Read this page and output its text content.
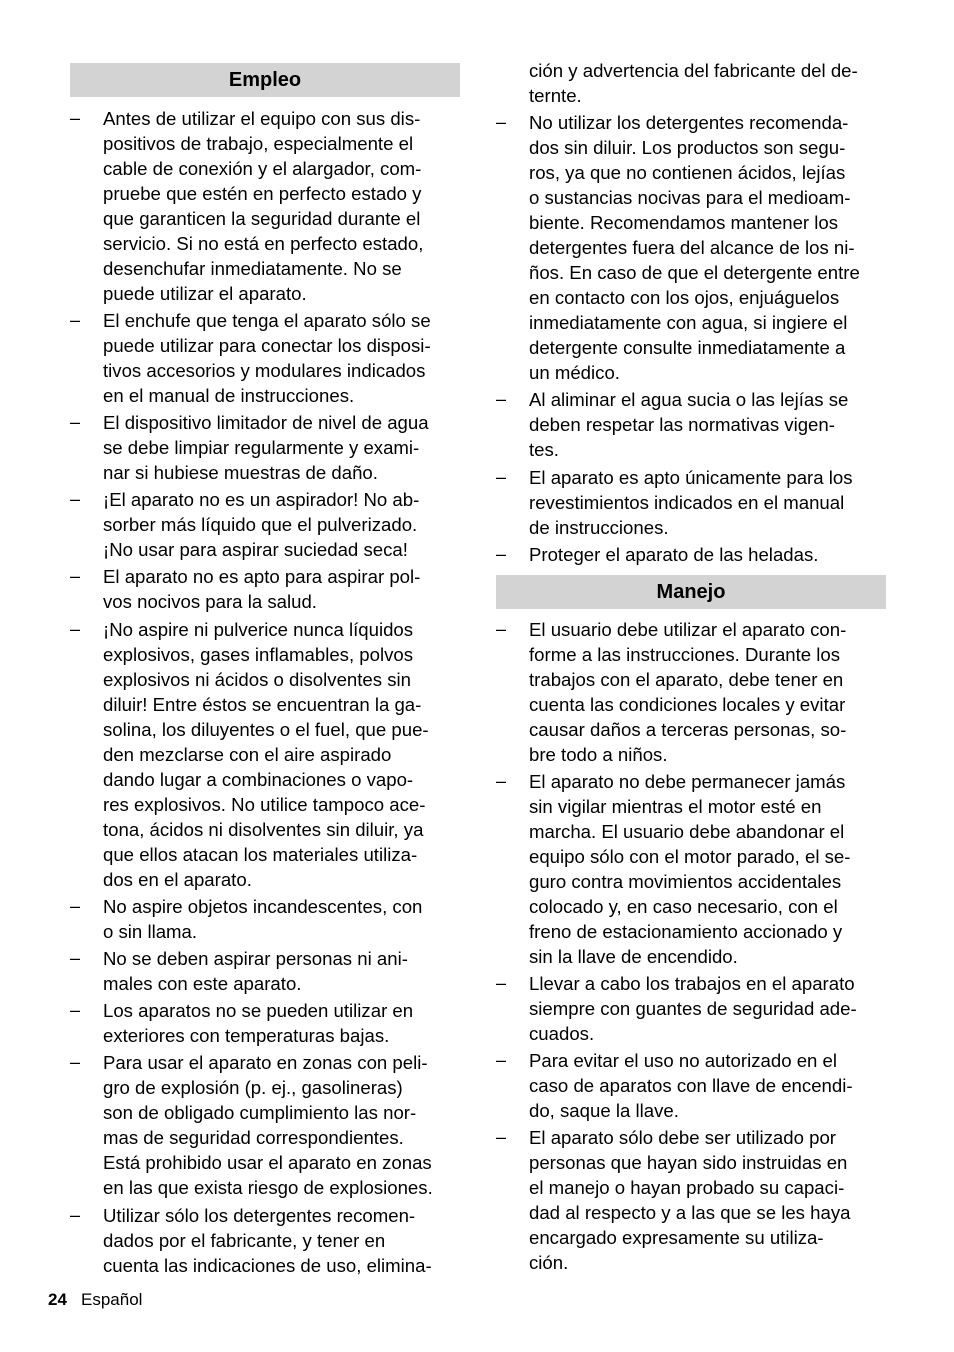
Empleo
– Antes de utilizar el equipo con sus dis-
positivos de trabajo, especialmente el
cable de conexión y el alargador, com-
pruebe que estén en perfecto estado y
que garanticen la seguridad durante el
servicio. Si no está en perfecto estado,
desenchufar inmediatamente. No se
puede utilizar el aparato.
– El enchufe que tenga el aparato sólo se
puede utilizar para conectar los disposi-
tivos accesorios y modulares indicados
en el manual de instrucciones.
– El dispositivo limitador de nivel de agua
se debe limpiar regularmente y exami-
nar si hubiese muestras de daño.
– ¡El aparato no es un aspirador! No ab-
sorber más líquido que el pulverizado.
¡No usar para aspirar suciedad seca!
– El aparato no es apto para aspirar pol-
vos nocivos para la salud.
– ¡No aspire ni pulverice nunca líquidos
explosivos, gases inflamables, polvos
explosivos ni ácidos o disolventes sin
diluir! Entre éstos se encuentran la ga-
solina, los diluyentes o el fuel, que pue-
den mezclarse con el aire aspirado
dando lugar a combinaciones o vapo-
res explosivos. No utilice tampoco ace-
tona, ácidos ni disolventes sin diluir, ya
que ellos atacan los materiales utiliza-
dos en el aparato.
– No aspire objetos incandescentes, con
o sin llama.
– No se deben aspirar personas ni ani-
males con este aparato.
– Los aparatos no se pueden utilizar en
exteriores con temperaturas bajas.
– Para usar el aparato en zonas con peli-
gro de explosión (p. ej., gasolineras)
son de obligado cumplimiento las nor-
mas de seguridad correspondientes.
Está prohibido usar el aparato en zonas
en las que exista riesgo de explosiones.
– Utilizar sólo los detergentes recomen-
dados por el fabricante, y tener en
cuenta las indicaciones de uso, elimina-
ción y advertencia del fabricante del de-
ternte.
– No utilizar los detergentes recomenda-
dos sin diluir. Los productos son segu-
ros, ya que no contienen ácidos, lejías
o sustancias nocivas para el medioam-
biente. Recomendamos mantener los
detergentes fuera del alcance de los ni-
ños. En caso de que el detergente entre
en contacto con los ojos, enjuáguelos
inmediatamente con agua, si ingiere el
detergente consulte inmediatamente a
un médico.
– Al aliminar el agua sucia o las lejías se
deben respetar las normativas vigen-
tes.
– El aparato es apto únicamente para los
revestimientos indicados en el manual
de instrucciones.
– Proteger el aparato de las heladas.
Manejo
– El usuario debe utilizar el aparato con-
forme a las instrucciones. Durante los
trabajos con el aparato, debe tener en
cuenta las condiciones locales y evitar
causar daños a terceras personas, so-
bre todo a niños.
– El aparato no debe permanecer jamás
sin vigilar mientras el motor esté en
marcha. El usuario debe abandonar el
equipo sólo con el motor parado, el se-
guro contra movimientos accidentales
colocado y, en caso necesario, con el
freno de estacionamiento accionado y
sin la llave de encendido.
– Llevar a cabo los trabajos en el aparato
siempre con guantes de seguridad ade-
cuados.
– Para evitar el uso no autorizado en el
caso de aparatos con llave de encendi-
do, saque la llave.
– El aparato sólo debe ser utilizado por
personas que hayan sido instruidas en
el manejo o hayan probado su capaci-
dad al respecto y a las que se les haya
encargado expresamente su utiliza-
ción.
24 Español
